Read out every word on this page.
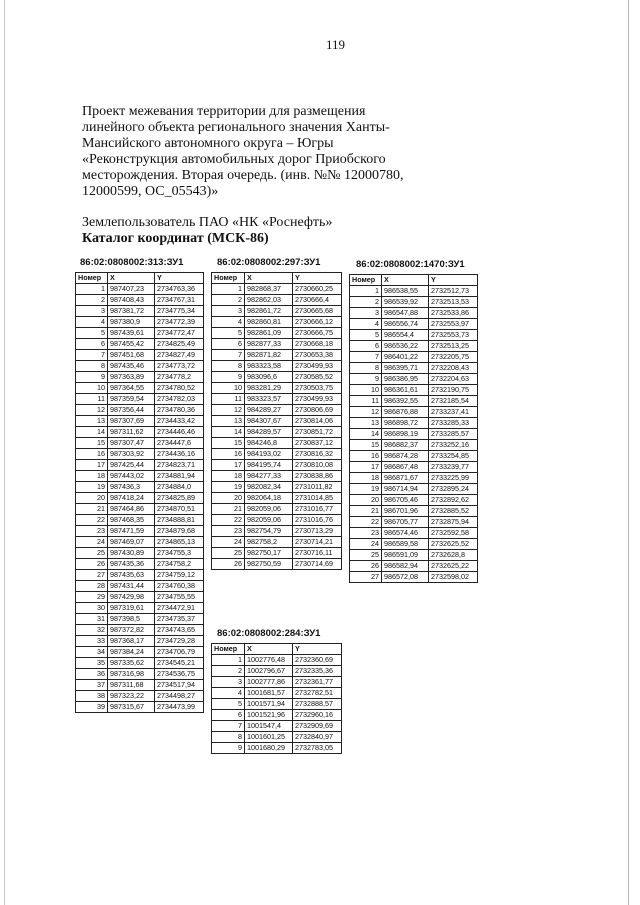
119

Проект межевания территории для размещения

линейного объекта регионального значения Ханты-

Мансийского автономного округа – Югры

«Реконструкция автомобильных дорог Приобского

месторождения. Вторая очередь. (инв. №№ 12000780,

12000599, ОС_05543)»

Землепользователь ПАО «НК «Роснефть»

Каталог координат (МСК-86)

86:02:0808002:313:ЗУ1
Номер	X	Y
1	987407,23	2734763,36
2	987408,43	2734767,31
3	987381,72	2734775,34
4	987380,9	2734772,39
5	987439,61	2734772,47
6	987455,42	2734825,49
7	987451,68	2734827,49
8	987435,46	2734773,72
9	987363,89	2734778,2
10	987364,55	2734780,52
11	987359,54	2734782,03
12	987356,44	2734780,36
13	987307,69	2734433,42
14	987311,62	2734446,46
15	987307,47	2734447,6
16	987303,92	2734436,16
17	987425,44	2734823,71
18	987443,02	2734881,94
19	987436,3	2734884,0
20	987418,24	2734825,89
21	987464,86	2734870,51
22	987468,35	2734888,81
23	987471,59	2734879,68
24	987469,07	2734865,13
25	987430,89	2734755,3
26	987435,36	2734758,2
27	987435,63	2734759,12
28	987431,44	2734760,38
29	987429,98	2734755,55
30	987319,61	2734472,91
31	987398,5	2734735,37
32	987372,82	2734743,65
33	987368,17	2734729,28
34	987384,24	2734706,79
35	987335,62	2734545,21
36	987316,98	2734536,75
37	987311,68	2734517,94
38	987323,22	2734498,27
39	987315,67	2734473,99
86:02:0808002:297:ЗУ1
Номер	X	Y
1	982868,37	2730660,25
2	982862,03	2730666,4
3	982861,72	2730665,68
4	982860,81	2730666,12
5	982861,09	2730666,75
6	982877,33	2730668,18
7	982871,82	2730653,38
8	983323,58	2730499,93
9	983096,6	2730585,52
10	983281,29	2730503,75
11	983323,57	2730499,93
12	984289,27	2730806,69
13	984307,67	2730814,06
14	984289,57	2730851,72
15	984246,8	2730837,12
16	984193,02	2730816,32
17	984195,74	2730810,08
18	984277,33	2730838,86
19	982082,34	2731011,82
20	982064,18	2731014,85
21	982059,06	2731016,77
22	982059,06	2731016,76
23	982754,79	2730713,29
24	982758,2	2730714,21
25	982750,17	2730716,11
26	982750,59	2730714,69
86:02:0808002:1470:ЗУ1
Номер	X	Y
1	986538,55	2732512,73
2	986539,92	2732513,53
3	986547,88	2732533,86
4	986556,74	2732553,97
5	986554,4	2732553,73
6	986536,22	2732513,25
7	986401,22	2732205,75
8	986395,71	2732208,43
9	986386,95	2732204,63
10	986361,61	2732190,75
11	986392,55	2732185,54
12	986876,88	2733237,41
13	986898,72	2733285,33
14	986898,19	2733285,57
15	986882,37	2733252,16
16	986874,28	2733254,85
17	986867,48	2733239,77
18	986871,67	2733225,99
19	986714,94	2732895,24
20	986705,46	2732892,62
21	986701,96	2732885,52
22	986705,77	2732875,94
23	986574,46	2732592,58
24	986589,58	2732625,52
25	986591,09	2732628,8
26	986582,94	2732625,22
27	986572,08	2732598,02
86:02:0808002:284:ЗУ1
Номер	X	Y
1	1002776,48	2732360,69
2	1002796,67	2732335,36
3	1002777,86	2732361,77
4	1001681,57	2732782,51
5	1001571,94	2732888,57
6	1001521,96	2732960,16
7	1001547,4	2732909,69
8	1001601,25	2732840,97
9	1001680,29	2732783,05
